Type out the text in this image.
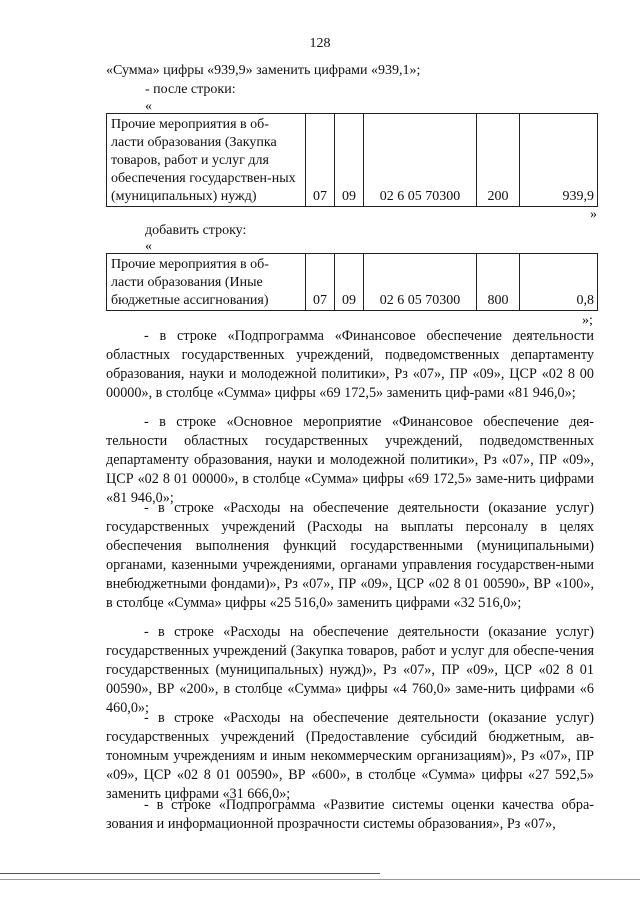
128
«Сумма» цифры «939,9» заменить цифрами «939,1»;
- после строки:
«
Прочие мероприятия в об-ласти образования (Закупка товаров, работ и услуг для обеспечения государствен-ных (муниципальных) нужд)	07	09	02 6 05 70300	200	939,9
»
добавить строку:
«
Прочие мероприятия в об-ласти образования (Иные бюджетные ассигнования)	07	09	02 6 05 70300	800	0,8
»;
- в строке «Подпрограмма «Финансовое обеспечение деятельности областных государственных учреждений, подведомственных департаменту образования, науки и молодежной политики», Рз «07», ПР «09», ЦСР «02 8 00 00000», в столбце «Сумма» цифры «69 172,5» заменить циф-рами «81 946,0»;
- в строке «Основное мероприятие «Финансовое обеспечение дея-тельности областных государственных учреждений, подведомственных департаменту образования, науки и молодежной политики», Рз «07», ПР «09», ЦСР «02 8 01 00000», в столбце «Сумма» цифры «69 172,5» заме-нить цифрами «81 946,0»;
- в строке «Расходы на обеспечение деятельности (оказание услуг) государственных учреждений (Расходы на выплаты персоналу в целях обеспечения выполнения функций государственными (муниципальными) органами, казенными учреждениями, органами управления государствен-ными внебюджетными фондами)», Рз «07», ПР «09», ЦСР «02 8 01 00590», ВР «100», в столбце «Сумма» цифры «25 516,0» заменить цифрами «32 516,0»;
- в строке «Расходы на обеспечение деятельности (оказание услуг) государственных учреждений (Закупка товаров, работ и услуг для обеспе-чения государственных (муниципальных) нужд)», Рз «07», ПР «09», ЦСР «02 8 01 00590», ВР «200», в столбце «Сумма» цифры «4 760,0» заме-нить цифрами «6 460,0»;
- в строке «Расходы на обеспечение деятельности (оказание услуг) государственных учреждений (Предоставление субсидий бюджетным, ав-тономным учреждениям и иным некоммерческим организациям)», Рз «07», ПР «09», ЦСР «02 8 01 00590», ВР «600», в столбце «Сумма» цифры «27 592,5» заменить цифрами «31 666,0»;
- в строке «Подпрограмма «Развитие системы оценки качества обра-зования и информационной прозрачности системы образования», Рз «07»,
